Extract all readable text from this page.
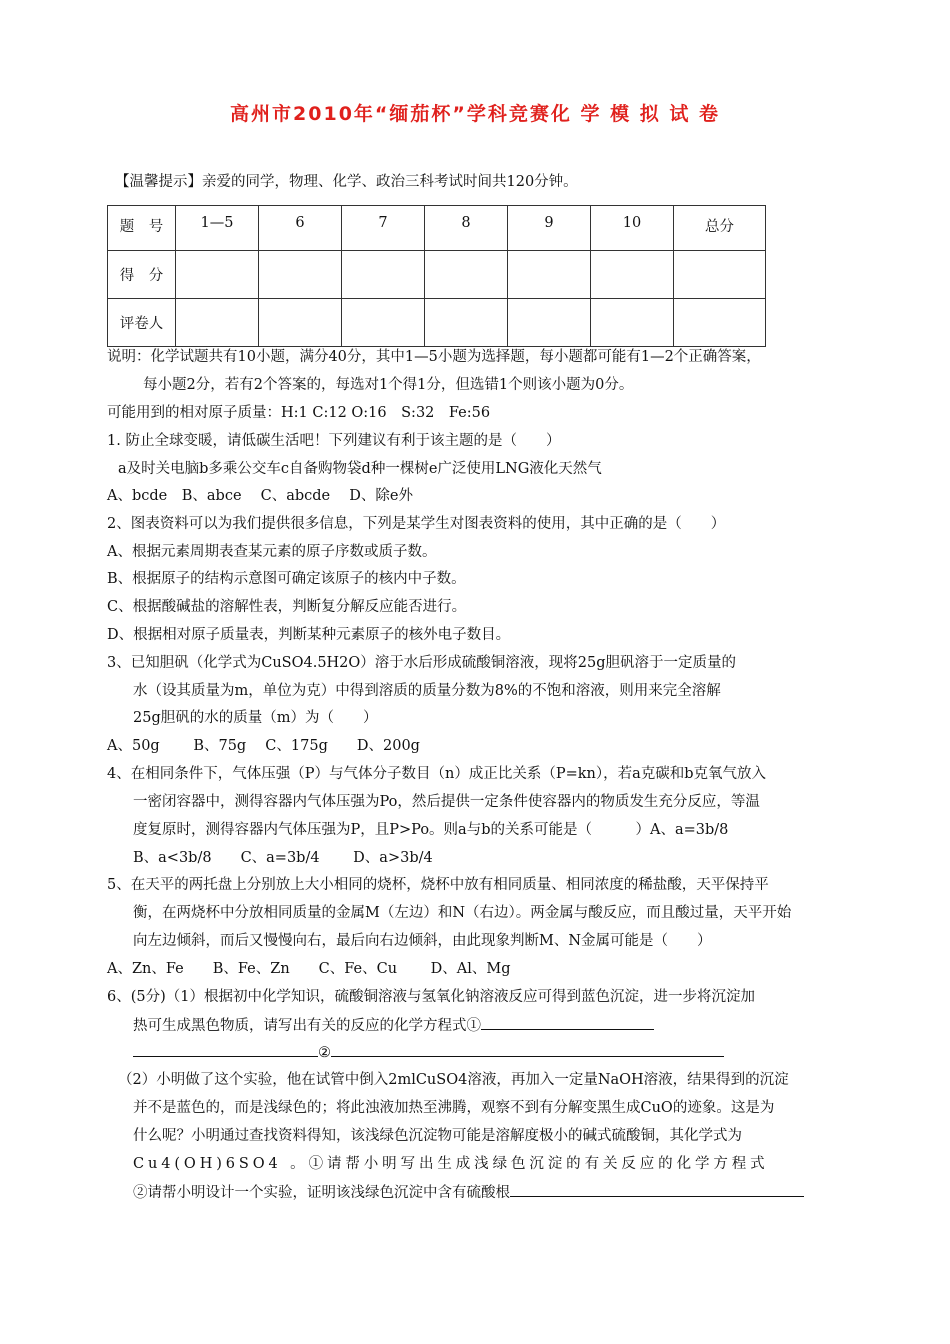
高州市2010年“缅茄杯”学科竞赛化 学 模 拟 试 卷
【温馨提示】亲爱的同学，物理、化学、政治三科考试时间共120分钟。
题　号	1—5	6	7	8	9	10	总分
得　分							
评卷人							
说明：化学试题共有10小题，满分40分，其中1—5小题为选择题，每小题都可能有1—2个正确答案，
每小题2分，若有2个答案的，每选对1个得1分，但选错1个则该小题为0分。
可能用到的相对原子质量：H:1 C:12 O:16　S:32　Fe:56
1. 防止全球变暖，请低碳生活吧！下列建议有利于该主题的是（　　）
a及时关电脑b多乘公交车c自备购物袋d种一棵树e广泛使用LNG液化天然气
A、bcde　B、abce　 C、abcde　 D、除e外
2、图表资料可以为我们提供很多信息，下列是某学生对图表资料的使用，其中正确的是（　　）
A、根据元素周期表查某元素的原子序数或质子数。
B、根据原子的结构示意图可确定该原子的核内中子数。
C、根据酸碱盐的溶解性表，判断复分解反应能否进行。
D、根据相对原子质量表，判断某种元素原子的核外电子数目。
3、已知胆矾（化学式为CuSO4.5H2O）溶于水后形成硫酸铜溶液，现将25g胆矾溶于一定质量的
水（设其质量为m，单位为克）中得到溶质的质量分数为8%的不饱和溶液，则用来完全溶解
25g胆矾的水的质量（m）为（　　）
A、50g　　 B、75g　 C、175g　　D、200g
4、在相同条件下，气体压强（P）与气体分子数目（n）成正比关系（P=kn），若a克碳和b克氧气放入
一密闭容器中，测得容器内气体压强为Po，然后提供一定条件使容器内的物质发生充分反应，等温
度复原时，测得容器内气体压强为P，且P>Po。则a与b的关系可能是（　　　）A、a=3b/8
B、a<3b/8　　C、a=3b/4　　 D、a>3b/4
5、在天平的两托盘上分别放上大小相同的烧杯，烧杯中放有相同质量、相同浓度的稀盐酸，天平保持平
衡，在两烧杯中分放相同质量的金属M（左边）和N（右边）。两金属与酸反应，而且酸过量，天平开始
向左边倾斜，而后又慢慢向右，最后向右边倾斜，由此现象判断M、N金属可能是（　　）
A、Zn、Fe　　B、Fe、Zn　　C、Fe、Cu　　 D、Al、Mg
6、(5分)（1）根据初中化学知识，硫酸铜溶液与氢氧化钠溶液反应可得到蓝色沉淀，进一步将沉淀加
热可生成黑色物质，请写出有关的反应的化学方程式①
②
（2）小明做了这个实验，他在试管中倒入2mlCuSO4溶液，再加入一定量NaOH溶液，结果得到的沉淀
并不是蓝色的，而是浅绿色的；将此浊液加热至沸腾，观察不到有分解变黑生成CuO的迹象。这是为
什么呢？小明通过查找资料得知，该浅绿色沉淀物可能是溶解度极小的碱式硫酸铜，其化学式为
Cu4(OH)6SO4 。①请帮小明写出生成浅绿色沉淀的有关反应的化学方程式
②请帮小明设计一个实验，证明该浅绿色沉淀中含有硫酸根
